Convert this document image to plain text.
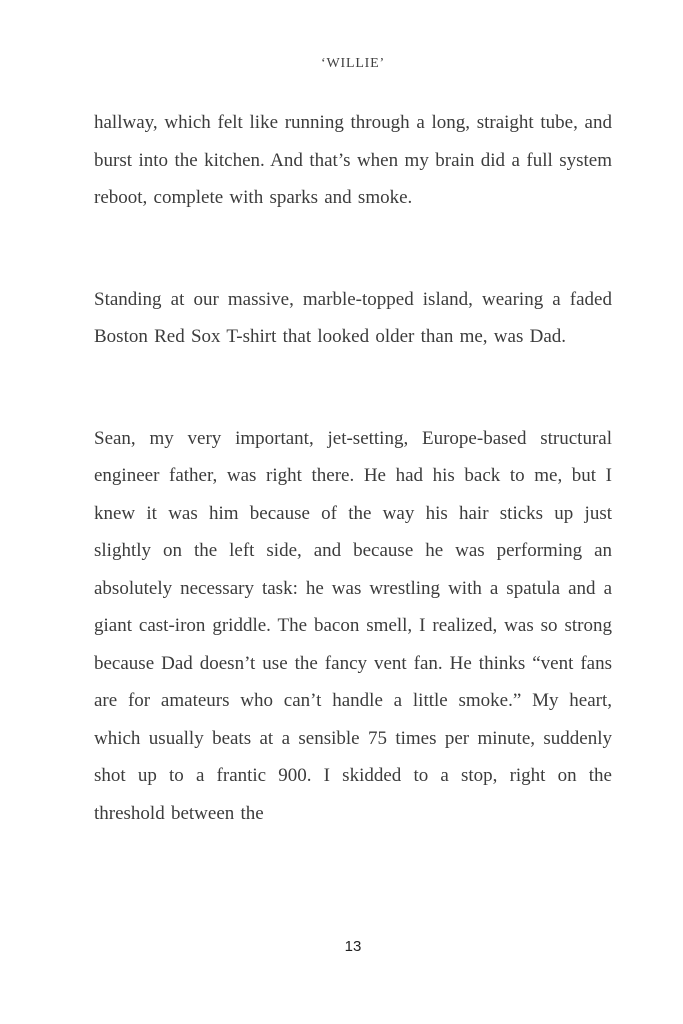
‘WILLIE’

hallway, which felt like running through a long, straight tube, and burst into the kitchen. And that’s when my brain did a full system reboot, complete with sparks and smoke.

Standing at our massive, marble-topped island, wearing a faded Boston Red Sox T-shirt that looked older than me, was Dad.

Sean, my very important, jet-setting, Europe-based structural engineer father, was right there. He had his back to me, but I knew it was him because of the way his hair sticks up just slightly on the left side, and because he was performing an absolutely necessary task: he was wrestling with a spatula and a giant cast-iron griddle. The bacon smell, I realized, was so strong because Dad doesn’t use the fancy vent fan. He thinks “vent fans are for amateurs who can’t handle a little smoke.” My heart, which usually beats at a sensible 75 times per minute, suddenly shot up to a frantic 900. I skidded to a stop, right on the threshold between the

13
